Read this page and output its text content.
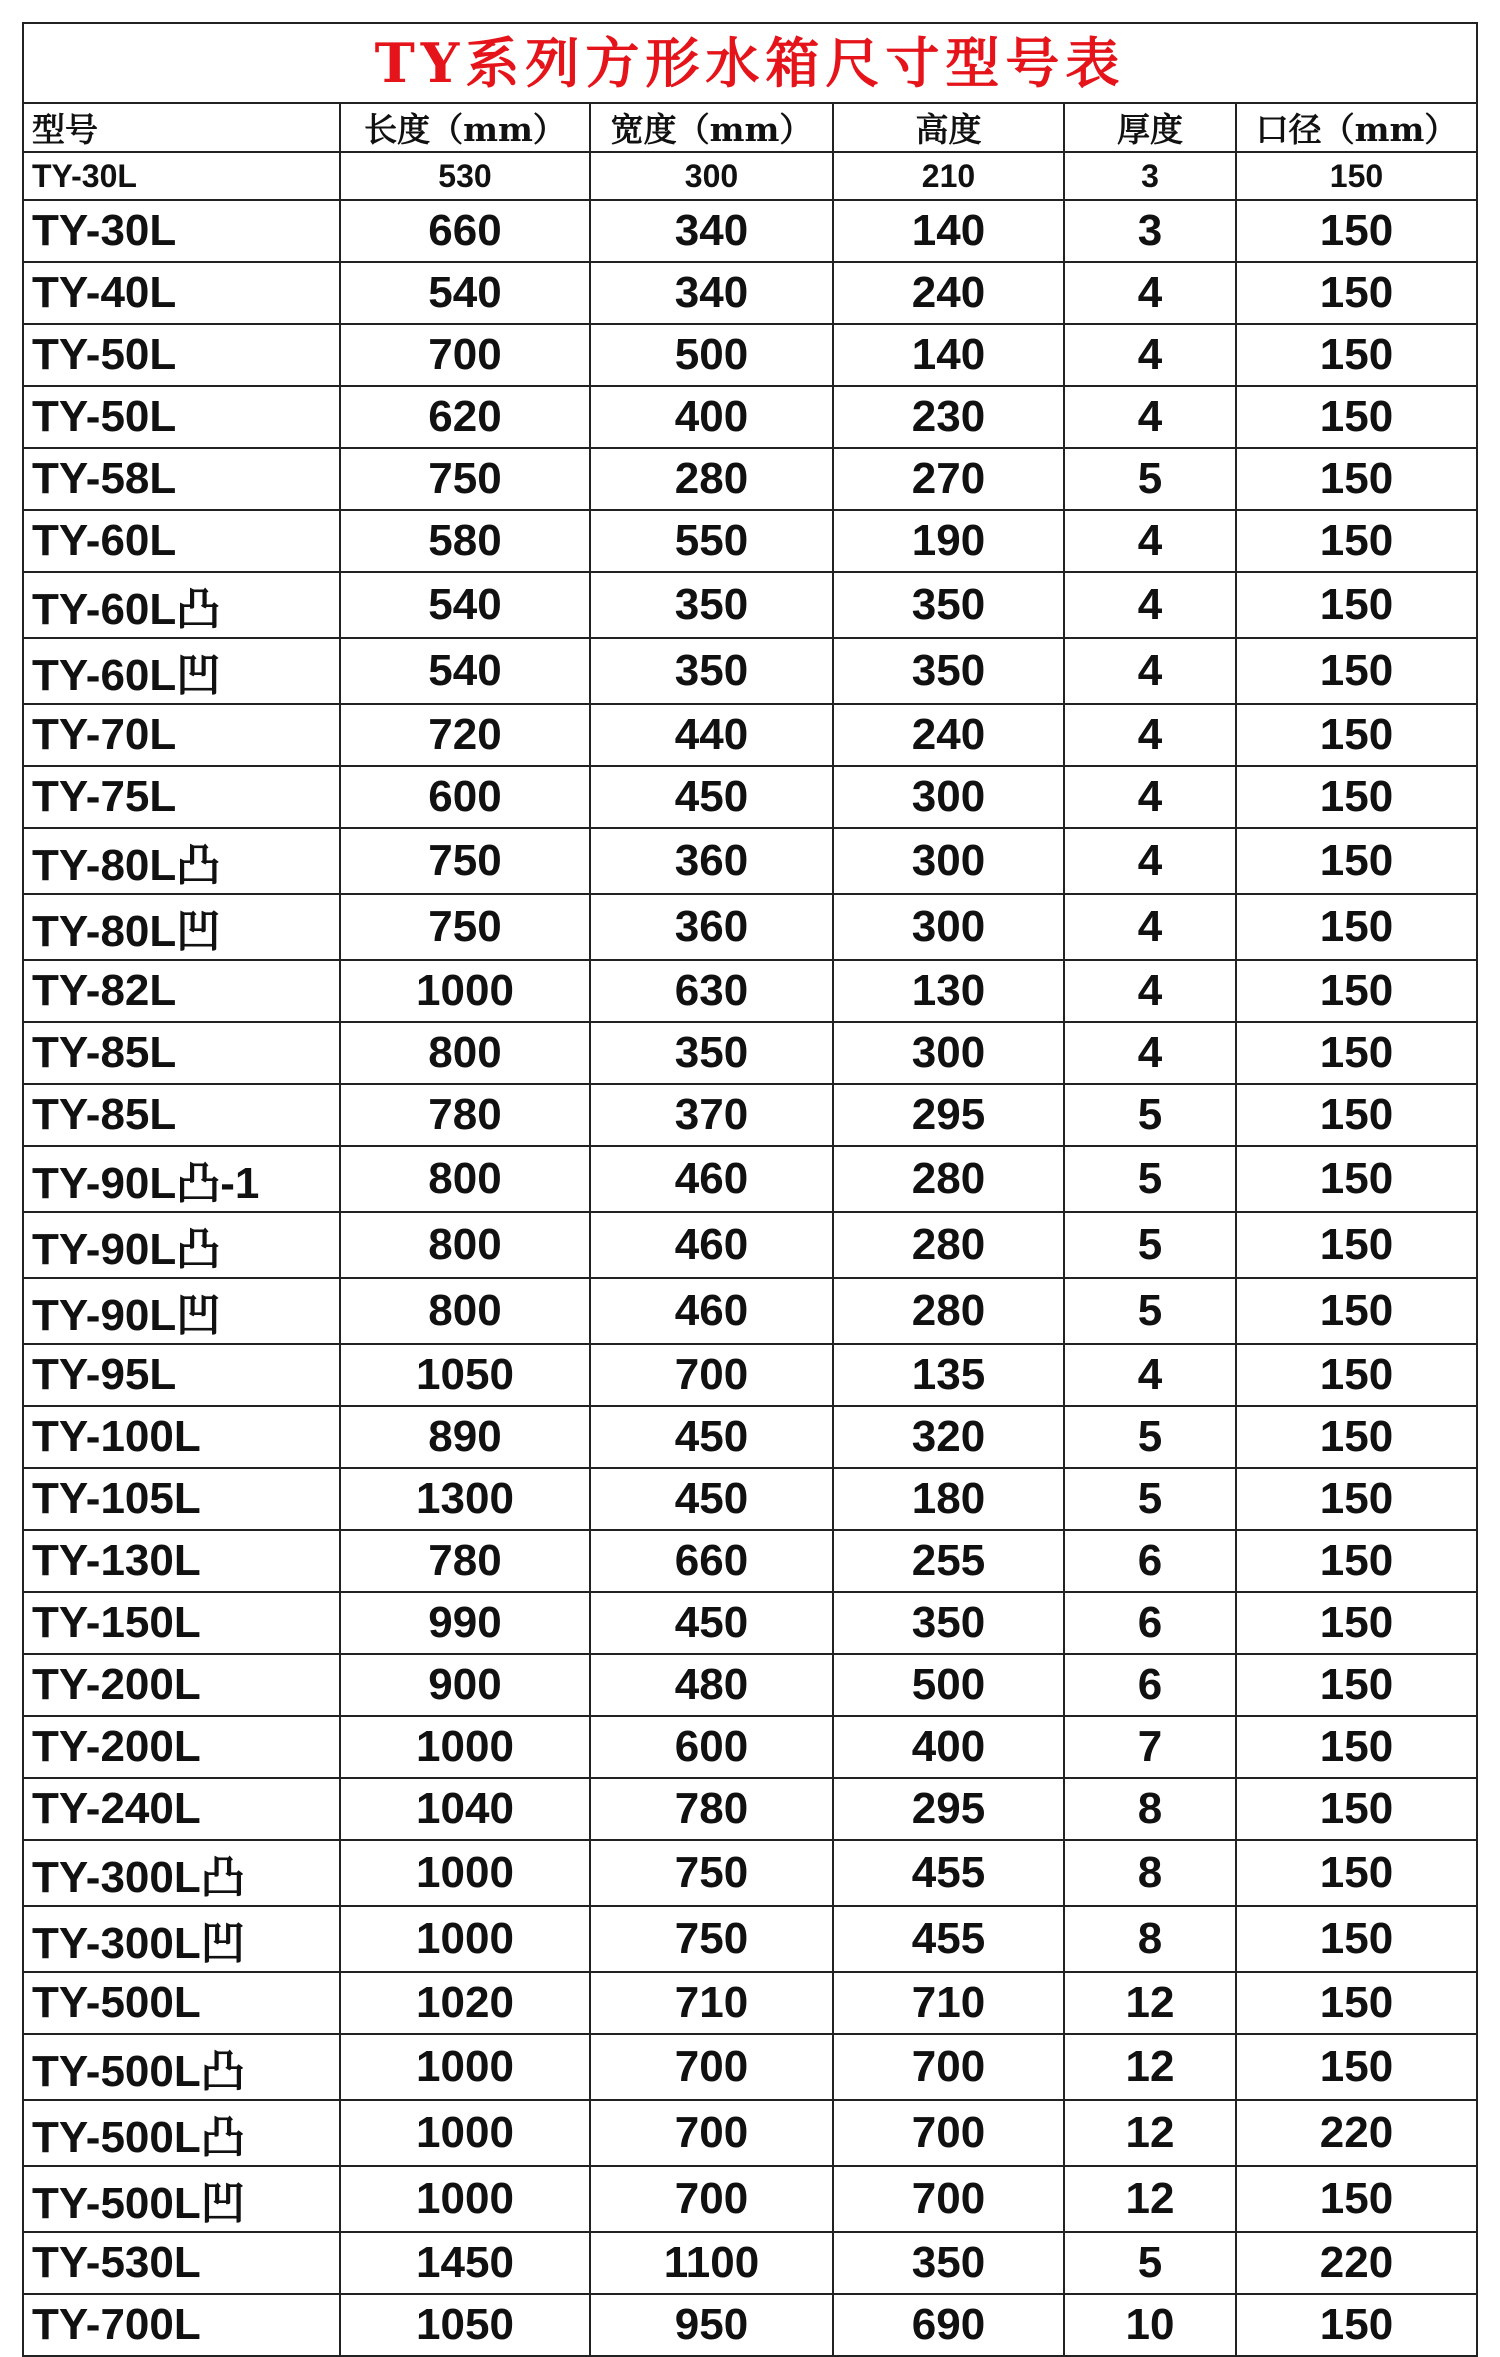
TY系列方形水箱尺寸型号表
型号	长度（mm）	宽度（mm）	高度	厚度	口径（mm）
TY-30L	530	300	210	3	150
TY-30L	660	340	140	3	150
TY-40L	540	340	240	4	150
TY-50L	700	500	140	4	150
TY-50L	620	400	230	4	150
TY-58L	750	280	270	5	150
TY-60L	580	550	190	4	150
TY-60L凸	540	350	350	4	150
TY-60L凹	540	350	350	4	150
TY-70L	720	440	240	4	150
TY-75L	600	450	300	4	150
TY-80L凸	750	360	300	4	150
TY-80L凹	750	360	300	4	150
TY-82L	1000	630	130	4	150
TY-85L	800	350	300	4	150
TY-85L	780	370	295	5	150
TY-90L凸-1	800	460	280	5	150
TY-90L凸	800	460	280	5	150
TY-90L凹	800	460	280	5	150
TY-95L	1050	700	135	4	150
TY-100L	890	450	320	5	150
TY-105L	1300	450	180	5	150
TY-130L	780	660	255	6	150
TY-150L	990	450	350	6	150
TY-200L	900	480	500	6	150
TY-200L	1000	600	400	7	150
TY-240L	1040	780	295	8	150
TY-300L凸	1000	750	455	8	150
TY-300L凹	1000	750	455	8	150
TY-500L	1020	710	710	12	150
TY-500L凸	1000	700	700	12	150
TY-500L凸	1000	700	700	12	220
TY-500L凹	1000	700	700	12	150
TY-530L	1450	1100	350	5	220
TY-700L	1050	950	690	10	150
